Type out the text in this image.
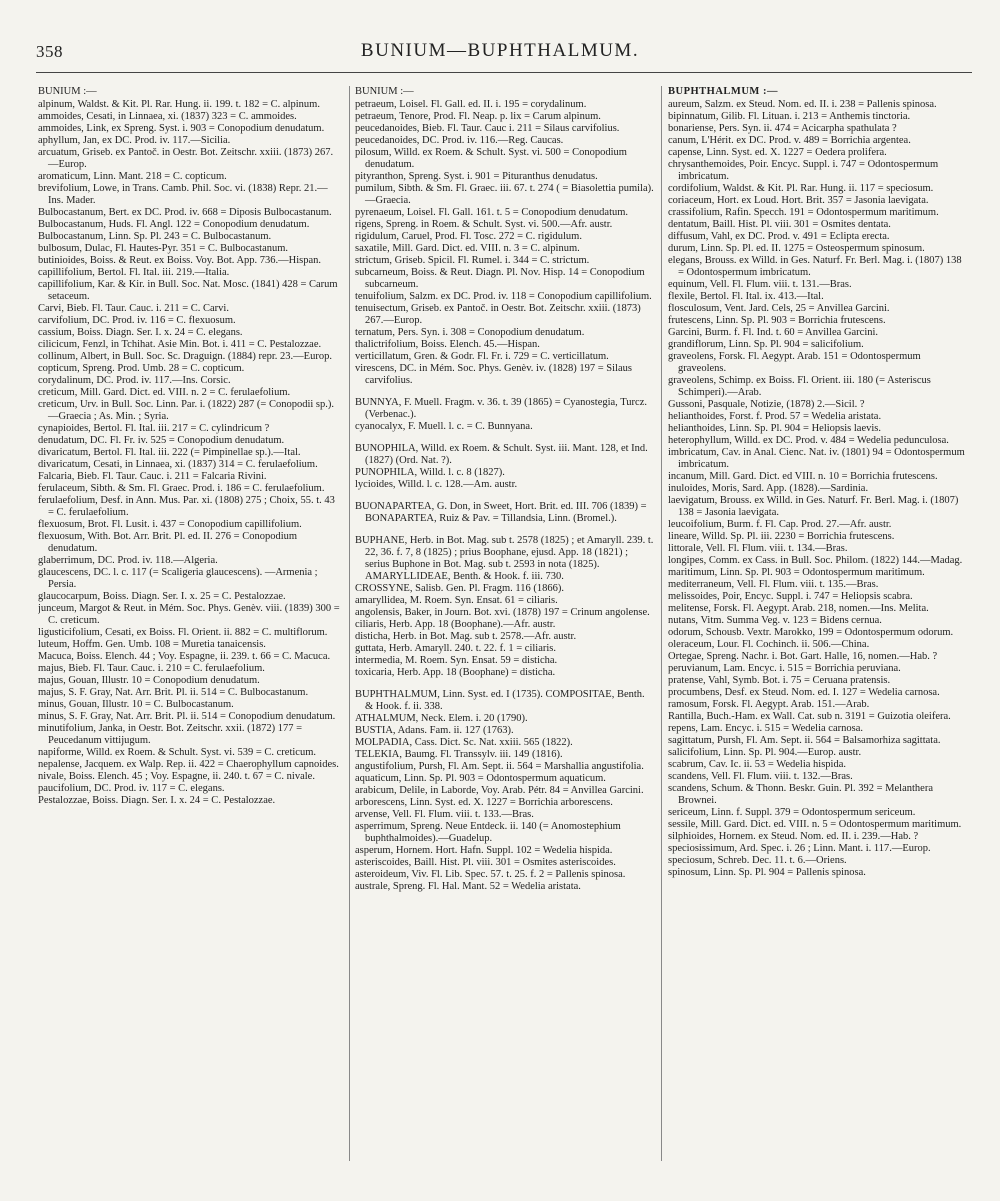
358	BUNIUM—BUPHTHALMUM.
BUNIUM :—
alpinum, Waldst. & Kit. Pl. Rar. Hung. ii. 199. t. 182 = C. alpinum.
ammoides, Cesati, in Linnaea, xi. (1837) 323 = C. ammoides.
ammoides, Link, ex Spreng. Syst. i. 903 = Conopodium denudatum.
aphyllum, Jan, ex DC. Prod. iv. 117.—Sicilia.
arcuatum, Griseb. ex Pantoč. in Oestr. Bot. Zeitschr. xxiii. (1873) 267.—Europ.
aromaticum, Linn. Mant. 218 = C. copticum.
brevifolium, Lowe, in Trans. Camb. Phil. Soc. vi. (1838) Repr. 21.—Ins. Mader.
Bulbocastanum, Bert. ex DC. Prod. iv. 668 = Diposis Bulbocastanum.
Bulbocastanum, Huds. Fl. Angl. 122 = Conopodium denudatum.
Bulbocastanum, Linn. Sp. Pl. 243 = C. Bulbocastanum.
bulbosum, Dulac, Fl. Hautes-Pyr. 351 = C. Bulbocastanum.
butinioides, Boiss. & Reut. ex Boiss. Voy. Bot. App. 736.—Hispan.
capillifolium, Bertol. Fl. Ital. iii. 219.—Italia.
capillifolium, Kar. & Kir. in Bull. Soc. Nat. Mosc. (1841) 428 = Carum setaceum.
Carvi, Bieb. Fl. Taur. Cauc. i. 211 = C. Carvi.
carvifolium, DC. Prod. iv. 116 = C. flexuosum.
cassium, Boiss. Diagn. Ser. I. x. 24 = C. elegans.
cilicicum, Fenzl, in Tchihat. Asie Min. Bot. i. 411 = C. Pestalozzae.
collinum, Albert, in Bull. Soc. Sc. Draguign. (1884) repr. 23.—Europ.
copticum, Spreng. Prod. Umb. 28 = C. copticum.
corydalinum, DC. Prod. iv. 117.—Ins. Corsic.
creticum, Mill. Gard. Dict. ed. VIII. n. 2 = C. ferulaefolium.
creticum, Urv. in Bull. Soc. Linn. Par. i. (1822) 287 (= Conopodii sp.).—Graecia ; As. Min. ; Syria.
cynapioides, Bertol. Fl. Ital. iii. 217 = C. cylindricum ?
denudatum, DC. Fl. Fr. iv. 525 = Conopodium denudatum.
divaricatum, Bertol. Fl. Ital. iii. 222 (= Pimpinellae sp.).—Ital.
divaricatum, Cesati, in Linnaea, xi. (1837) 314 = C. ferulaefolium.
Falcaria, Bieb. Fl. Taur. Cauc. i. 211 = Falcaria Rivini.
ferulaceum, Sibth. & Sm. Fl. Graec. Prod. i. 186 = C. ferulaefolium.
ferulaefolium, Desf. in Ann. Mus. Par. xi. (1808) 275 ; Choix, 55. t. 43 = C. ferulaefolium.
flexuosum, Brot. Fl. Lusit. i. 437 = Conopodium capillifolium.
flexuosum, With. Bot. Arr. Brit. Pl. ed. II. 276 = Conopodium denudatum.
glaberrimum, DC. Prod. iv. 118.—Algeria.
glaucescens, DC. l. c. 117 (= Scaligeria glaucescens). —Armenia ; Persia.
glaucocarpum, Boiss. Diagn. Ser. I. x. 25 = C. Pestalozzae.
junceum, Margot & Reut. in Mém. Soc. Phys. Genèv. viii. (1839) 300 = C. creticum.
ligusticifolium, Cesati, ex Boiss. Fl. Orient. ii. 882 = C. multiflorum.
luteum, Hoffm. Gen. Umb. 108 = Muretia tanaicensis.
Macuca, Boiss. Elench. 44 ; Voy. Espagne, ii. 239. t. 66 = C. Macuca.
majus, Bieb. Fl. Taur. Cauc. i. 210 = C. ferulaefolium.
majus, Gouan, Illustr. 10 = Conopodium denudatum.
majus, S. F. Gray, Nat. Arr. Brit. Pl. ii. 514 = C. Bulbocastanum.
minus, Gouan, Illustr. 10 = C. Bulbocastanum.
minus, S. F. Gray, Nat. Arr. Brit. Pl. ii. 514 = Conopodium denudatum.
minutifolium, Janka, in Oestr. Bot. Zeitschr. xxii. (1872) 177 = Peucedanum vittijugum.
napiforme, Willd. ex Roem. & Schult. Syst. vi. 539 = C. creticum.
nepalense, Jacquem. ex Walp. Rep. ii. 422 = Chaerophyllum capnoides.
nivale, Boiss. Elench. 45 ; Voy. Espagne, ii. 240. t. 67 = C. nivale.
paucifolium, DC. Prod. iv. 117 = C. elegans.
Pestalozzae, Boiss. Diagn. Ser. I. x. 24 = C. Pestalozzae.
BUNIUM :—
petraeum, Loisel. Fl. Gall. ed. II. i. 195 = corydalinum.
petraeum, Tenore, Prod. Fl. Neap. p. lix = Carum alpinum.
peucedanoides, Bieb. Fl. Taur. Cauc i. 211 = Silaus carvifolius.
peucedanoides, DC. Prod. iv. 116.—Reg. Caucas.
pilosum, Willd. ex Roem. & Schult. Syst. vi. 500 = Conopodium denudatum.
pityranthon, Spreng. Syst. i. 901 = Pituranthus denudatus.
pumilum, Sibth. & Sm. Fl. Graec. iii. 67. t. 274 ( = Biasolettia pumila).—Graecia.
pyrenaeum, Loisel. Fl. Gall. 161. t. 5 = Conopodium denudatum.
rigens, Spreng. in Roem. & Schult. Syst. vi. 500.—Afr. austr.
rigidulum, Caruel, Prod. Fl. Tosc. 272 = C. rigidulum.
saxatile, Mill. Gard. Dict. ed. VIII. n. 3 = C. alpinum.
strictum, Griseb. Spicil. Fl. Rumel. i. 344 = C. strictum.
subcarneum, Boiss. & Reut. Diagn. Pl. Nov. Hisp. 14 = Conopodium subcarneum.
tenuifolium, Salzm. ex DC. Prod. iv. 118 = Conopodium capillifolium.
tenuisectum, Griseb. ex Pantoč. in Oestr. Bot. Zeitschr. xxiii. (1873) 267.—Europ.
ternatum, Pers. Syn. i. 308 = Conopodium denudatum.
thalictrifolium, Boiss. Elench. 45.—Hispan.
verticillatum, Gren. & Godr. Fl. Fr. i. 729 = C. verticillatum.
virescens, DC. in Mém. Soc. Phys. Genèv. iv. (1828) 197 = Silaus carvifolius.
BUNNYA, F. Muell. Fragm. v. 36. t. 39 (1865) = Cyanostegia, Turcz. (Verbenac.).
cyanocalyx, F. Muell. l. c. = C. Bunnyana.
BUNOPHILA, Willd. ex Roem. & Schult. Syst. iii. Mant. 128, et Ind. (1827) (Ord. Nat. ?).
PUNOPHILA, Willd. l. c. 8 (1827).
lycioides, Willd. l. c. 128.—Am. austr.
BUONAPARTEA, G. Don, in Sweet, Hort. Brit. ed. III. 706 (1839) = BONAPARTEA, Ruiz & Pav. = Tillandsia, Linn. (Bromel.).
BUPHANE, Herb. in Bot. Mag. sub t. 2578 (1825) ; et Amaryll. 239. t. 22, 36. f. 7, 8 (1825) ; prius Boophane, ejusd. App. 18 (1821) ; serius Buphone in Bot. Mag. sub t. 2593 in nota (1825). AMARYLLIDEAE, Benth. & Hook. f. iii. 730.
CROSSYNE, Salisb. Gen. Pl. Fragm. 116 (1866).
amaryllidea, M. Roem. Syn. Ensat. 61 = ciliaris.
angolensis, Baker, in Journ. Bot. xvi. (1878) 197 = Crinum angolense.
ciliaris, Herb. App. 18 (Boophane).—Afr. austr.
disticha, Herb. in Bot. Mag. sub t. 2578.—Afr. austr.
guttata, Herb. Amaryll. 240. t. 22. f. 1 = ciliaris.
intermedia, M. Roem. Syn. Ensat. 59 = disticha.
toxicaria, Herb. App. 18 (Boophane) = disticha.
BUPHTHALMUM, Linn. Syst. ed. I (1735). COMPOSITAE, Benth. & Hook. f. ii. 338.
ATHALMUM, Neck. Elem. i. 20 (1790).
BUSTIA, Adans. Fam. ii. 127 (1763).
MOLPADIA, Cass. Dict. Sc. Nat. xxiii. 565 (1822).
TELEKIA, Baumg. Fl. Transsylv. iii. 149 (1816).
angustifolium, Pursh, Fl. Am. Sept. ii. 564 = Marshallia angustifolia.
aquaticum, Linn. Sp. Pl. 903 = Odontospermum aquaticum.
arabicum, Delile, in Laborde, Voy. Arab. Pétr. 84 = Anvillea Garcini.
arborescens, Linn. Syst. ed. X. 1227 = Borrichia arborescens.
arvense, Vell. Fl. Flum. viii. t. 133.—Bras.
asperrimum, Spreng. Neue Entdeck. ii. 140 (= Anomostephium buphthalmoides).—Guadelup.
asperum, Hornem. Hort. Hafn. Suppl. 102 = Wedelia hispida.
asteriscoides, Baill. Hist. Pl. viii. 301 = Osmites asteriscoides.
asteroideum, Viv. Fl. Lib. Spec. 57. t. 25. f. 2 = Pallenis spinosa.
australe, Spreng. Fl. Hal. Mant. 52 = Wedelia aristata.
BUPHTHALMUM :—
aureum, Salzm. ex Steud. Nom. ed. II. i. 238 = Pallenis spinosa.
bipinnatum, Gilib. Fl. Lituan. i. 213 = Anthemis tinctoria.
bonariense, Pers. Syn. ii. 474 = Acicarpha spathulata ?
canum, L'Hérit. ex DC. Prod. v. 489 = Borrichia argentea.
capense, Linn. Syst. ed. X. 1227 = Oedera prolifera.
chrysanthemoides, Poir. Encyc. Suppl. i. 747 = Odontospermum imbricatum.
cordifolium, Waldst. & Kit. Pl. Rar. Hung. ii. 117 = speciosum.
coriaceum, Hort. ex Loud. Hort. Brit. 357 = Jasonia laevigata.
crassifolium, Rafin. Specch. 191 = Odontospermum maritimum.
dentatum, Baill. Hist. Pl. viii. 301 = Osmites dentata.
diffusum, Vahl, ex DC. Prod. v. 491 = Eclipta erecta.
durum, Linn. Sp. Pl. ed. II. 1275 = Osteospermum spinosum.
elegans, Brouss. ex Willd. in Ges. Naturf. Fr. Berl. Mag. i. (1807) 138 = Odontospermum imbricatum.
equinum, Vell. Fl. Flum. viii. t. 131.—Bras.
flexile, Bertol. Fl. Ital. ix. 413.—Ital.
flosculosum, Vent. Jard. Cels, 25 = Anvillea Garcini.
frutescens, Linn. Sp. Pl. 903 = Borrichia frutescens.
Garcini, Burm. f. Fl. Ind. t. 60 = Anvillea Garcini.
grandiflorum, Linn. Sp. Pl. 904 = salicifolium.
graveolens, Forsk. Fl. Aegypt. Arab. 151 = Odontospermum graveolens.
graveolens, Schimp. ex Boiss. Fl. Orient. iii. 180 (= Asteriscus Schimperi).—Arab.
Gussoni, Pasquale, Notizie, (1878) 2.—Sicil. ?
helianthoides, Forst. f. Prod. 57 = Wedelia aristata.
helianthoides, Linn. Sp. Pl. 904 = Heliopsis laevis.
heterophyllum, Willd. ex DC. Prod. v. 484 = Wedelia pedunculosa.
imbricatum, Cav. in Anal. Cienc. Nat. iv. (1801) 94 = Odontospermum imbricatum.
incanum, Mill. Gard. Dict. ed VIII. n. 10 = Borrichia frutescens.
inuloides, Moris, Sard. App. (1828).—Sardinia.
laevigatum, Brouss. ex Willd. in Ges. Naturf. Fr. Berl. Mag. i. (1807) 138 = Jasonia laevigata.
leucoifolium, Burm. f. Fl. Cap. Prod. 27.—Afr. austr.
lineare, Willd. Sp. Pl. iii. 2230 = Borrichia frutescens.
littorale, Vell. Fl. Flum. viii. t. 134.—Bras.
longipes, Comm. ex Cass. in Bull. Soc. Philom. (1822) 144.—Madag.
maritimum, Linn. Sp. Pl. 903 = Odontospermum maritimum.
mediterraneum, Vell. Fl. Flum. viii. t. 135.—Bras.
melissoides, Poir, Encyc. Suppl. i. 747 = Heliopsis scabra.
melitense, Forsk. Fl. Aegypt. Arab. 218, nomen.—Ins. Melita.
nutans, Vitm. Summa Veg. v. 123 = Bidens cernua.
odorum, Schousb. Vextr. Marokko, 199 = Odontospermum odorum.
oleraceum, Lour. Fl. Cochinch. ii. 506.—China.
Ortegae, Spreng. Nachr. i. Bot. Gart. Halle, 16, nomen.—Hab. ?
peruvianum, Lam. Encyc. i. 515 = Borrichia peruviana.
pratense, Vahl, Symb. Bot. i. 75 = Ceruana pratensis.
procumbens, Desf. ex Steud. Nom. ed. I. 127 = Wedelia carnosa.
ramosum, Forsk. Fl. Aegypt. Arab. 151.—Arab.
Rantilla, Buch.-Ham. ex Wall. Cat. sub n. 3191 = Guizotia oleifera.
repens, Lam. Encyc. i. 515 = Wedelia carnosa.
sagittatum, Pursh, Fl. Am. Sept. ii. 564 = Balsamorhiza sagittata.
salicifolium, Linn. Sp. Pl. 904.—Europ. austr.
scabrum, Cav. Ic. ii. 53 = Wedelia hispida.
scandens, Vell. Fl. Flum. viii. t. 132.—Bras.
scandens, Schum. & Thonn. Beskr. Guin. Pl. 392 = Melanthera Brownei.
sericeum, Linn. f. Suppl. 379 = Odontospermum sericeum.
sessile, Mill. Gard. Dict. ed. VIII. n. 5 = Odontospermum maritimum.
silphioides, Hornem. ex Steud. Nom. ed. II. i. 239.—Hab. ?
speciosissimum, Ard. Spec. i. 26 ; Linn. Mant. i. 117.—Europ.
speciosum, Schreb. Dec. 11. t. 6.—Oriens.
spinosum, Linn. Sp. Pl. 904 = Pallenis spinosa.
